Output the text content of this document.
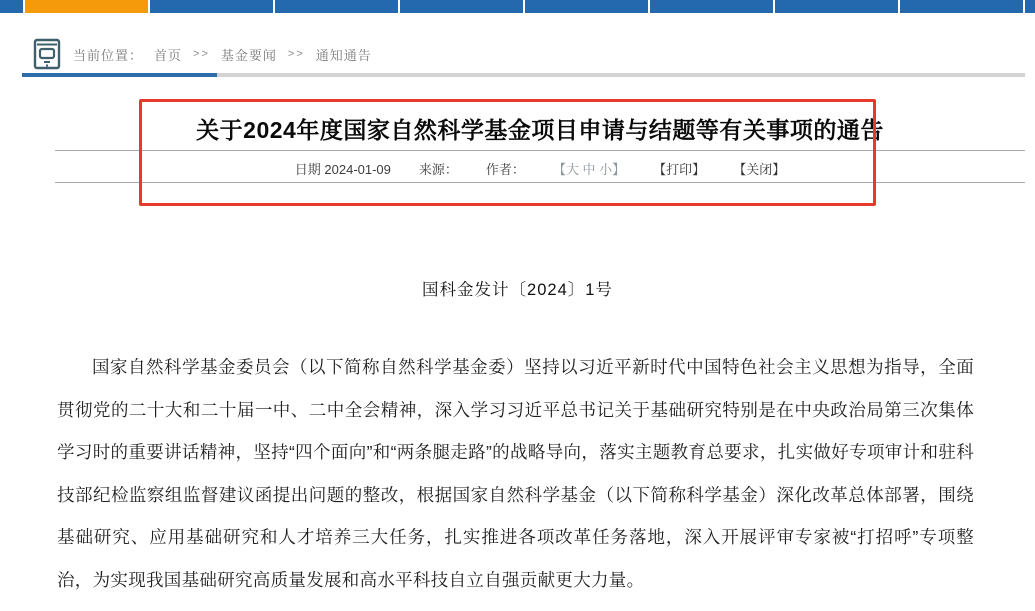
当前位置： 首页 >> 基金要闻 >> 通知通告
关于2024年度国家自然科学基金项目申请与结题等有关事项的通告
日期 2024-01-09 来源： 作者： 【大 中 小】 【打印】 【关闭】
国科金发计〔2024〕1号
国家自然科学基金委员会（以下简称自然科学基金委）坚持以习近平新时代中国特色社会主义思想为指导，全面贯彻党的二十大和二十届一中、二中全会精神，深入学习习近平总书记关于基础研究特别是在中央政治局第三次集体学习时的重要讲话精神，坚持“四个面向”和“两条腿走路”的战略导向，落实主题教育总要求，扎实做好专项审计和驻科技部纪检监察组监督建议函提出问题的整改，根据国家自然科学基金（以下简称科学基金）深化改革总体部署，围绕基础研究、应用基础研究和人才培养三大任务，扎实推进各项改革任务落地，深入开展评审专家被“打招呼”专项整治，为实现我国基础研究高质量发展和高水平科技自立自强贡献更大力量。
